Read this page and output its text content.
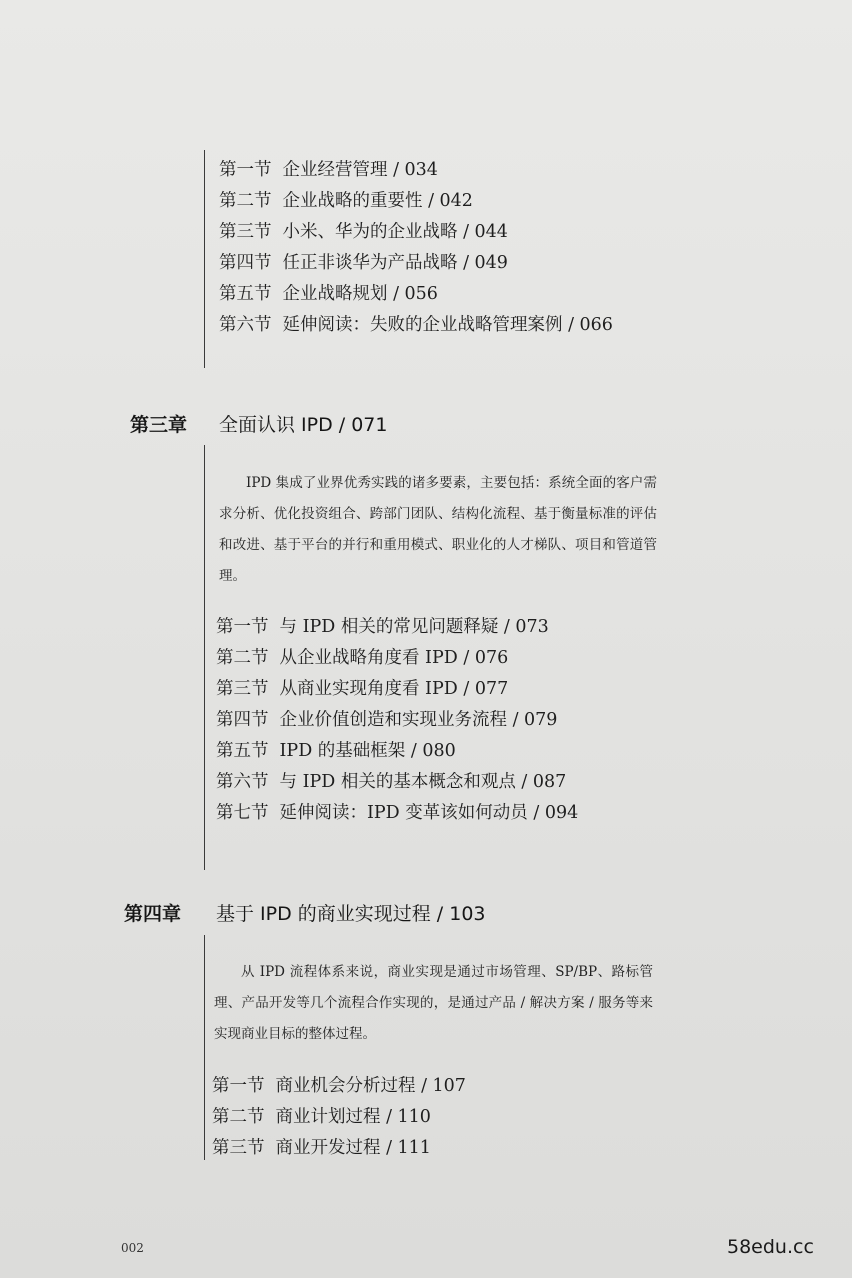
第一节 企业经营管理 / 034
第二节 企业战略的重要性 / 042
第三节 小米、华为的企业战略 / 044
第四节 任正非谈华为产品战略 / 049
第五节 企业战略规划 / 056
第六节 延伸阅读：失败的企业战略管理案例 / 066
第三章 全面认识 IPD / 071

IPD 集成了业界优秀实践的诸多要素，主要包括：系统全面的客户需求分析、优化投资组合、跨部门团队、结构化流程、基于衡量标准的评估和改进、基于平台的并行和重用模式、职业化的人才梯队、项目和管道管理。

第一节 与 IPD 相关的常见问题释疑 / 073
第二节 从企业战略角度看 IPD / 076
第三节 从商业实现角度看 IPD / 077
第四节 企业价值创造和实现业务流程 / 079
第五节 IPD 的基础框架 / 080
第六节 与 IPD 相关的基本概念和观点 / 087
第七节 延伸阅读：IPD 变革该如何动员 / 094
第四章 基于 IPD 的商业实现过程 / 103

从 IPD 流程体系来说，商业实现是通过市场管理、SP/BP、路标管理、产品开发等几个流程合作实现的，是通过产品 / 解决方案 / 服务等来实现商业目标的整体过程。

第一节 商业机会分析过程 / 107
第二节 商业计划过程 / 110
第三节 商业开发过程 / 111
002	58edu.cc
